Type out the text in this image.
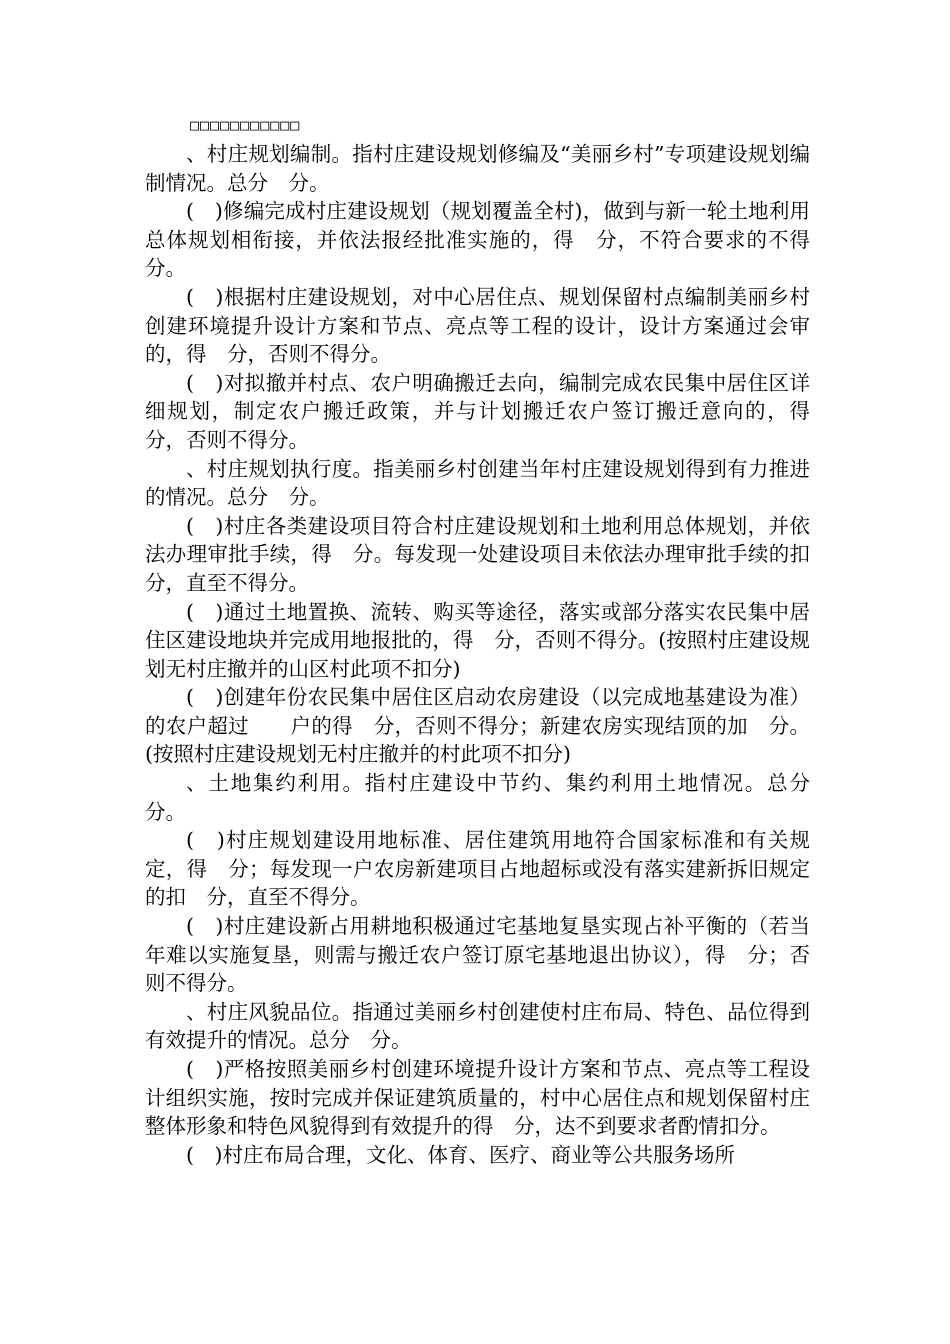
□□□□□□□□□□□

、村庄规划编制。指村庄建设规划修编及“美丽乡村”专项建设规划编制情况。总分　分。

(　)修编完成村庄建设规划（规划覆盖全村)，做到与新一轮土地利用总体规划相衔接，并依法报经批准实施的，得　分，不符合要求的不得分。

(　)根据村庄建设规划，对中心居住点、规划保留村点编制美丽乡村创建环境提升设计方案和节点、亮点等工程的设计，设计方案通过会审的，得　分，否则不得分。

(　)对拟撤并村点、农户明确搬迁去向，编制完成农民集中居住区详细规划，制定农户搬迁政策，并与计划搬迁农户签订搬迁意向的，得　分，否则不得分。

、村庄规划执行度。指美丽乡村创建当年村庄建设规划得到有力推进的情况。总分　分。

(　)村庄各类建设项目符合村庄建设规划和土地利用总体规划，并依法办理审批手续，得　分。每发现一处建设项目未依法办理审批手续的扣　　分，直至不得分。

(　)通过土地置换、流转、购买等途径，落实或部分落实农民集中居住区建设地块并完成用地报批的，得　分，否则不得分。(按照村庄建设规划无村庄撤并的山区村此项不扣分)

(　)创建年份农民集中居住区启动农房建设（以完成地基建设为准）的农户超过　　户的得　分，否则不得分；新建农房实现结顶的加　分。(按照村庄建设规划无村庄撤并的村此项不扣分)

、土地集约利用。指村庄建设中节约、集约利用土地情况。总分　分。

(　)村庄规划建设用地标准、居住建筑用地符合国家标准和有关规定，得　分；每发现一户农房新建项目占地超标或没有落实建新拆旧规定的扣　分，直至不得分。

(　)村庄建设新占用耕地积极通过宅基地复垦实现占补平衡的（若当年难以实施复垦，则需与搬迁农户签订原宅基地退出协议），得　分；否则不得分。

、村庄风貌品位。指通过美丽乡村创建使村庄布局、特色、品位得到有效提升的情况。总分　分。

(　)严格按照美丽乡村创建环境提升设计方案和节点、亮点等工程设计组织实施，按时完成并保证建筑质量的，村中心居住点和规划保留村庄整体形象和特色风貌得到有效提升的得　分，达不到要求者酌情扣分。

(　)村庄布局合理，文化、体育、医疗、商业等公共服务场所
